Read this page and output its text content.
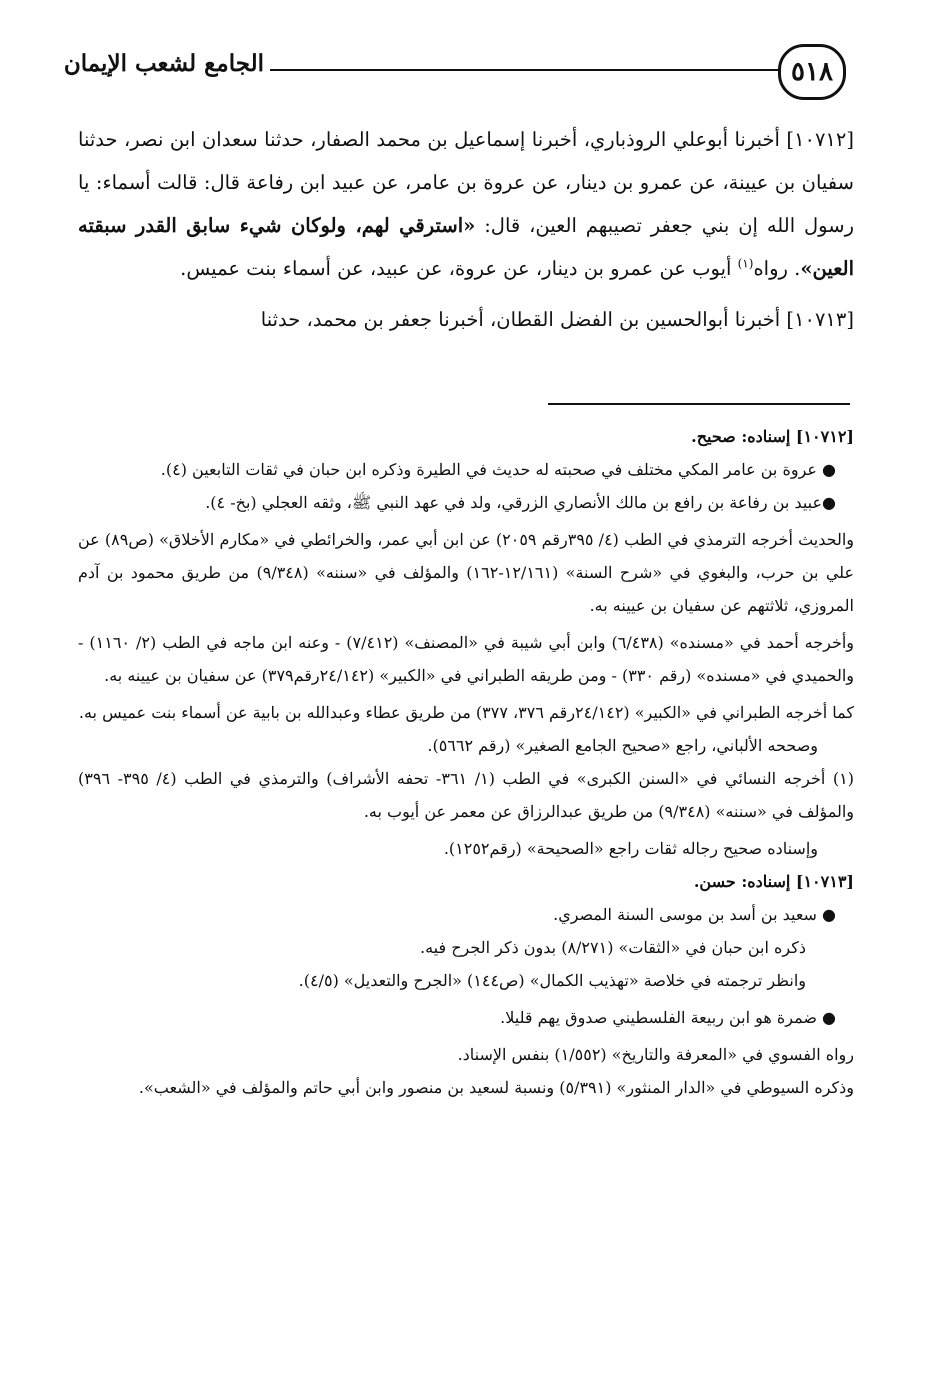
٥١٨
الجامع لشعب الإيمان

[١٠٧١٢] أخبرنا أبوعلي الروذباري، أخبرنا إسماعيل بن محمد الصفار، حدثنا سعدان ابن نصر، حدثنا سفيان بن عيينة، عن عمرو بن دينار، عن عروة بن عامر، عن عبيد ابن رفاعة قال: قالت أسماء: يا رسول الله إن بني جعفر تصيبهم العين، قال: «استرقي لهم، ولوكان شيء سابق القدر سبقته العين». رواه$^{(١)}$ أيوب عن عمرو بن دينار، عن عروة، عن عبيد، عن أسماء بنت عميس.

[١٠٧١٣] أخبرنا أبوالحسين بن الفضل القطان، أخبرنا جعفر بن محمد، حدثنا

[١٠٧١٢] إسناده: صحيح.

● عروة بن عامر المكي مختلف في صحبته له حديث في الطيرة وذكره ابن حبان في ثقات التابعين (٤).

●عبيد بن رفاعة بن رافع بن مالك الأنصاري الزرقي، ولد في عهد النبي ﷺ، وثقه العجلي (بخ- ٤).

والحديث أخرجه الترمذي في الطب (٤/ ٣٩٥رقم ٢٠٥٩) عن ابن أبي عمر، والخرائطي في «مكارم الأخلاق» (ص٨٩) عن علي بن حرب، والبغوي في «شرح السنة» (١٢/١٦١-١٦٢) والمؤلف في «سننه» (٩/٣٤٨) من طريق محمود بن آدم المروزي، ثلاثتهم عن سفيان بن عيينه به.

وأخرجه أحمد في «مسنده» (٦/٤٣٨) وابن أبي شيبة في «المصنف» (٧/٤١٢) - وعنه ابن ماجه في الطب (٢/ ١١٦٠) - والحميدي في «مسنده» (رقم ٣٣٠) - ومن طريقه الطبراني في «الكبير» (٢٤/١٤٢رقم٣٧٩) عن سفيان بن عيينه به.

كما أخرجه الطبراني في «الكبير» (٢٤/١٤٢رقم ٣٧٦، ٣٧٧) من طريق عطاء وعبدالله بن بابية عن أسماء بنت عميس به.

وصححه الألباني، راجع «صحيح الجامع الصغير» (رقم ٥٦٦٢).

(١) أخرجه النسائي في «السنن الكبرى» في الطب (١/ ٣٦١- تحفه الأشراف) والترمذي في الطب (٤/ ٣٩٥- ٣٩٦) والمؤلف في «سننه» (٩/٣٤٨) من طريق عبدالرزاق عن معمر عن أيوب به.

وإسناده صحيح رجاله ثقات راجع «الصحيحة» (رقم١٢٥٢).

[١٠٧١٣] إسناده: حسن.

● سعيد بن أسد بن موسى السنة المصري.

ذكره ابن حبان في «الثقات» (٨/٢٧١) بدون ذكر الجرح فيه.

وانظر ترجمته في خلاصة «تهذيب الكمال» (ص١٤٤) «الجرح والتعديل» (٤/٥).

● ضمرة هو ابن ربيعة الفلسطيني صدوق يهم قليلا.

رواه الفسوي في «المعرفة والتاريخ» (١/٥٥٢) بنفس الإسناد.

وذكره السيوطي في «الدار المنثور» (٥/٣٩١) ونسبة لسعيد بن منصور وابن أبي حاتم والمؤلف في «الشعب».
